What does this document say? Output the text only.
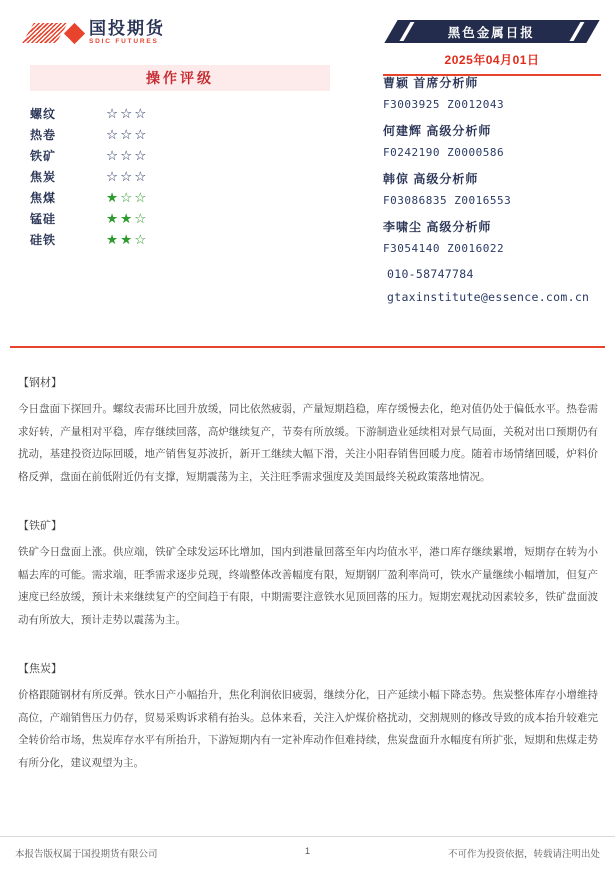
国投期货
SDIC FUTURES
黑色金属日报
2025年04月01日
操作评级
螺纹	☆☆☆
热卷	☆☆☆
铁矿	☆☆☆
焦炭	☆☆☆
焦煤	★☆☆
锰硅	★★☆
硅铁	★★☆
曹颖 首席分析师
F3003925 Z0012043
何建辉 高级分析师
F0242190 Z0000586
韩倞 高级分析师
F03086835 Z0016553
李啸尘 高级分析师
F3054140 Z0016022
010-58747784
gtaxinstitute@essence.com.cn
【钢材】

今日盘面下探回升。螺纹表需环比回升放缓，同比依然疲弱，产量短期趋稳，库存缓慢去化，绝对值仍处于偏低水平。热卷需求好转，产量相对平稳，库存继续回落，高炉继续复产，节奏有所放缓。下游制造业延续相对景气局面，关税对出口预期仍有扰动，基建投资边际回暖，地产销售复苏波折，新开工继续大幅下滑，关注小阳春销售回暖力度。随着市场情绪回暖，炉料价格反弹，盘面在前低附近仍有支撑，短期震荡为主，关注旺季需求强度及美国最终关税政策落地情况。

【铁矿】

铁矿今日盘面上涨。供应端，铁矿全球发运环比增加，国内到港量回落至年内均值水平，港口库存继续累增，短期存在转为小幅去库的可能。需求端，旺季需求逐步兑现，终端整体改善幅度有限，短期钢厂盈利率尚可，铁水产量继续小幅增加，但复产速度已经放缓，预计未来继续复产的空间趋于有限，中期需要注意铁水见顶回落的压力。短期宏观扰动因素较多，铁矿盘面波动有所放大，预计走势以震荡为主。

【焦炭】

价格跟随钢材有所反弹。铁水日产小幅抬升，焦化利润依旧疲弱，继续分化，日产延续小幅下降态势。焦炭整体库存小增维持高位，产端销售压力仍存，贸易采购诉求稍有抬头。总体来看，关注入炉煤价格扰动，交割规则的修改导致的成本抬升较难完全转价给市场，焦炭库存水平有所抬升，下游短期内有一定补库动作但难持续，焦炭盘面升水幅度有所扩张，短期和焦煤走势有所分化，建议观望为主。

本报告版权属于国投期货有限公司	1	不可作为投资依据，转载请注明出处
